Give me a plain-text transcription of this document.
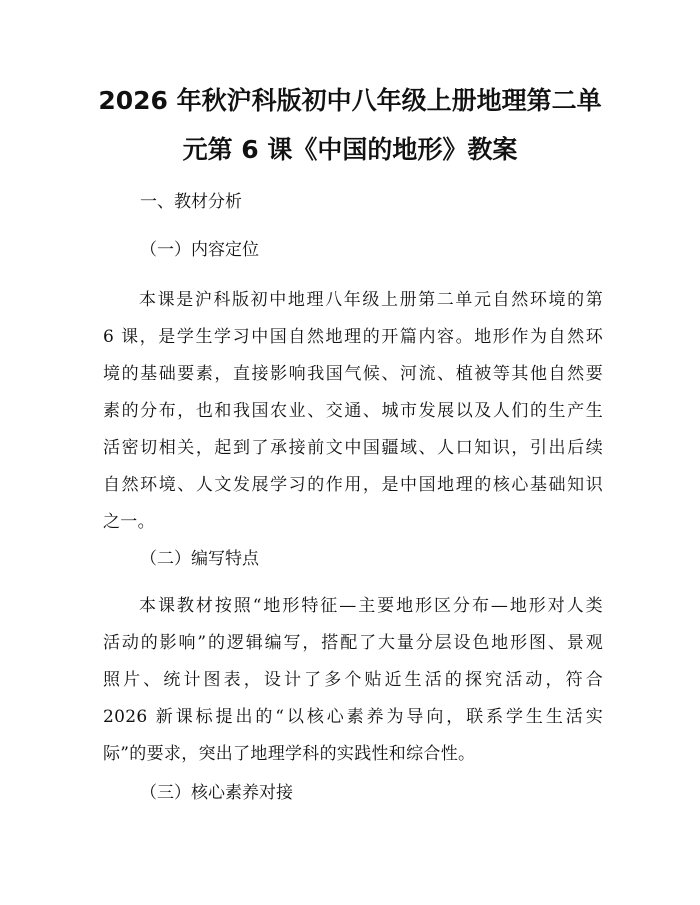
2026 年秋沪科版初中八年级上册地理第二单
元第 6 课《中国的地形》教案

一、教材分析

（一）内容定位

本课是沪科版初中地理八年级上册第二单元自然环境的第
6 课，是学生学习中国自然地理的开篇内容。地形作为自然环
境的基础要素，直接影响我国气候、河流、植被等其他自然要
素的分布，也和我国农业、交通、城市发展以及人们的生产生
活密切相关，起到了承接前文中国疆域、人口知识，引出后续
自然环境、人文发展学习的作用，是中国地理的核心基础知识
之一。

（二）编写特点

本课教材按照“地形特征—主要地形区分布—地形对人类
活动的影响”的逻辑编写，搭配了大量分层设色地形图、景观
照片、统计图表，设计了多个贴近生活的探究活动，符合
2026 新课标提出的“以核心素养为导向，联系学生生活实
际”的要求，突出了地理学科的实践性和综合性。

（三）核心素养对接
